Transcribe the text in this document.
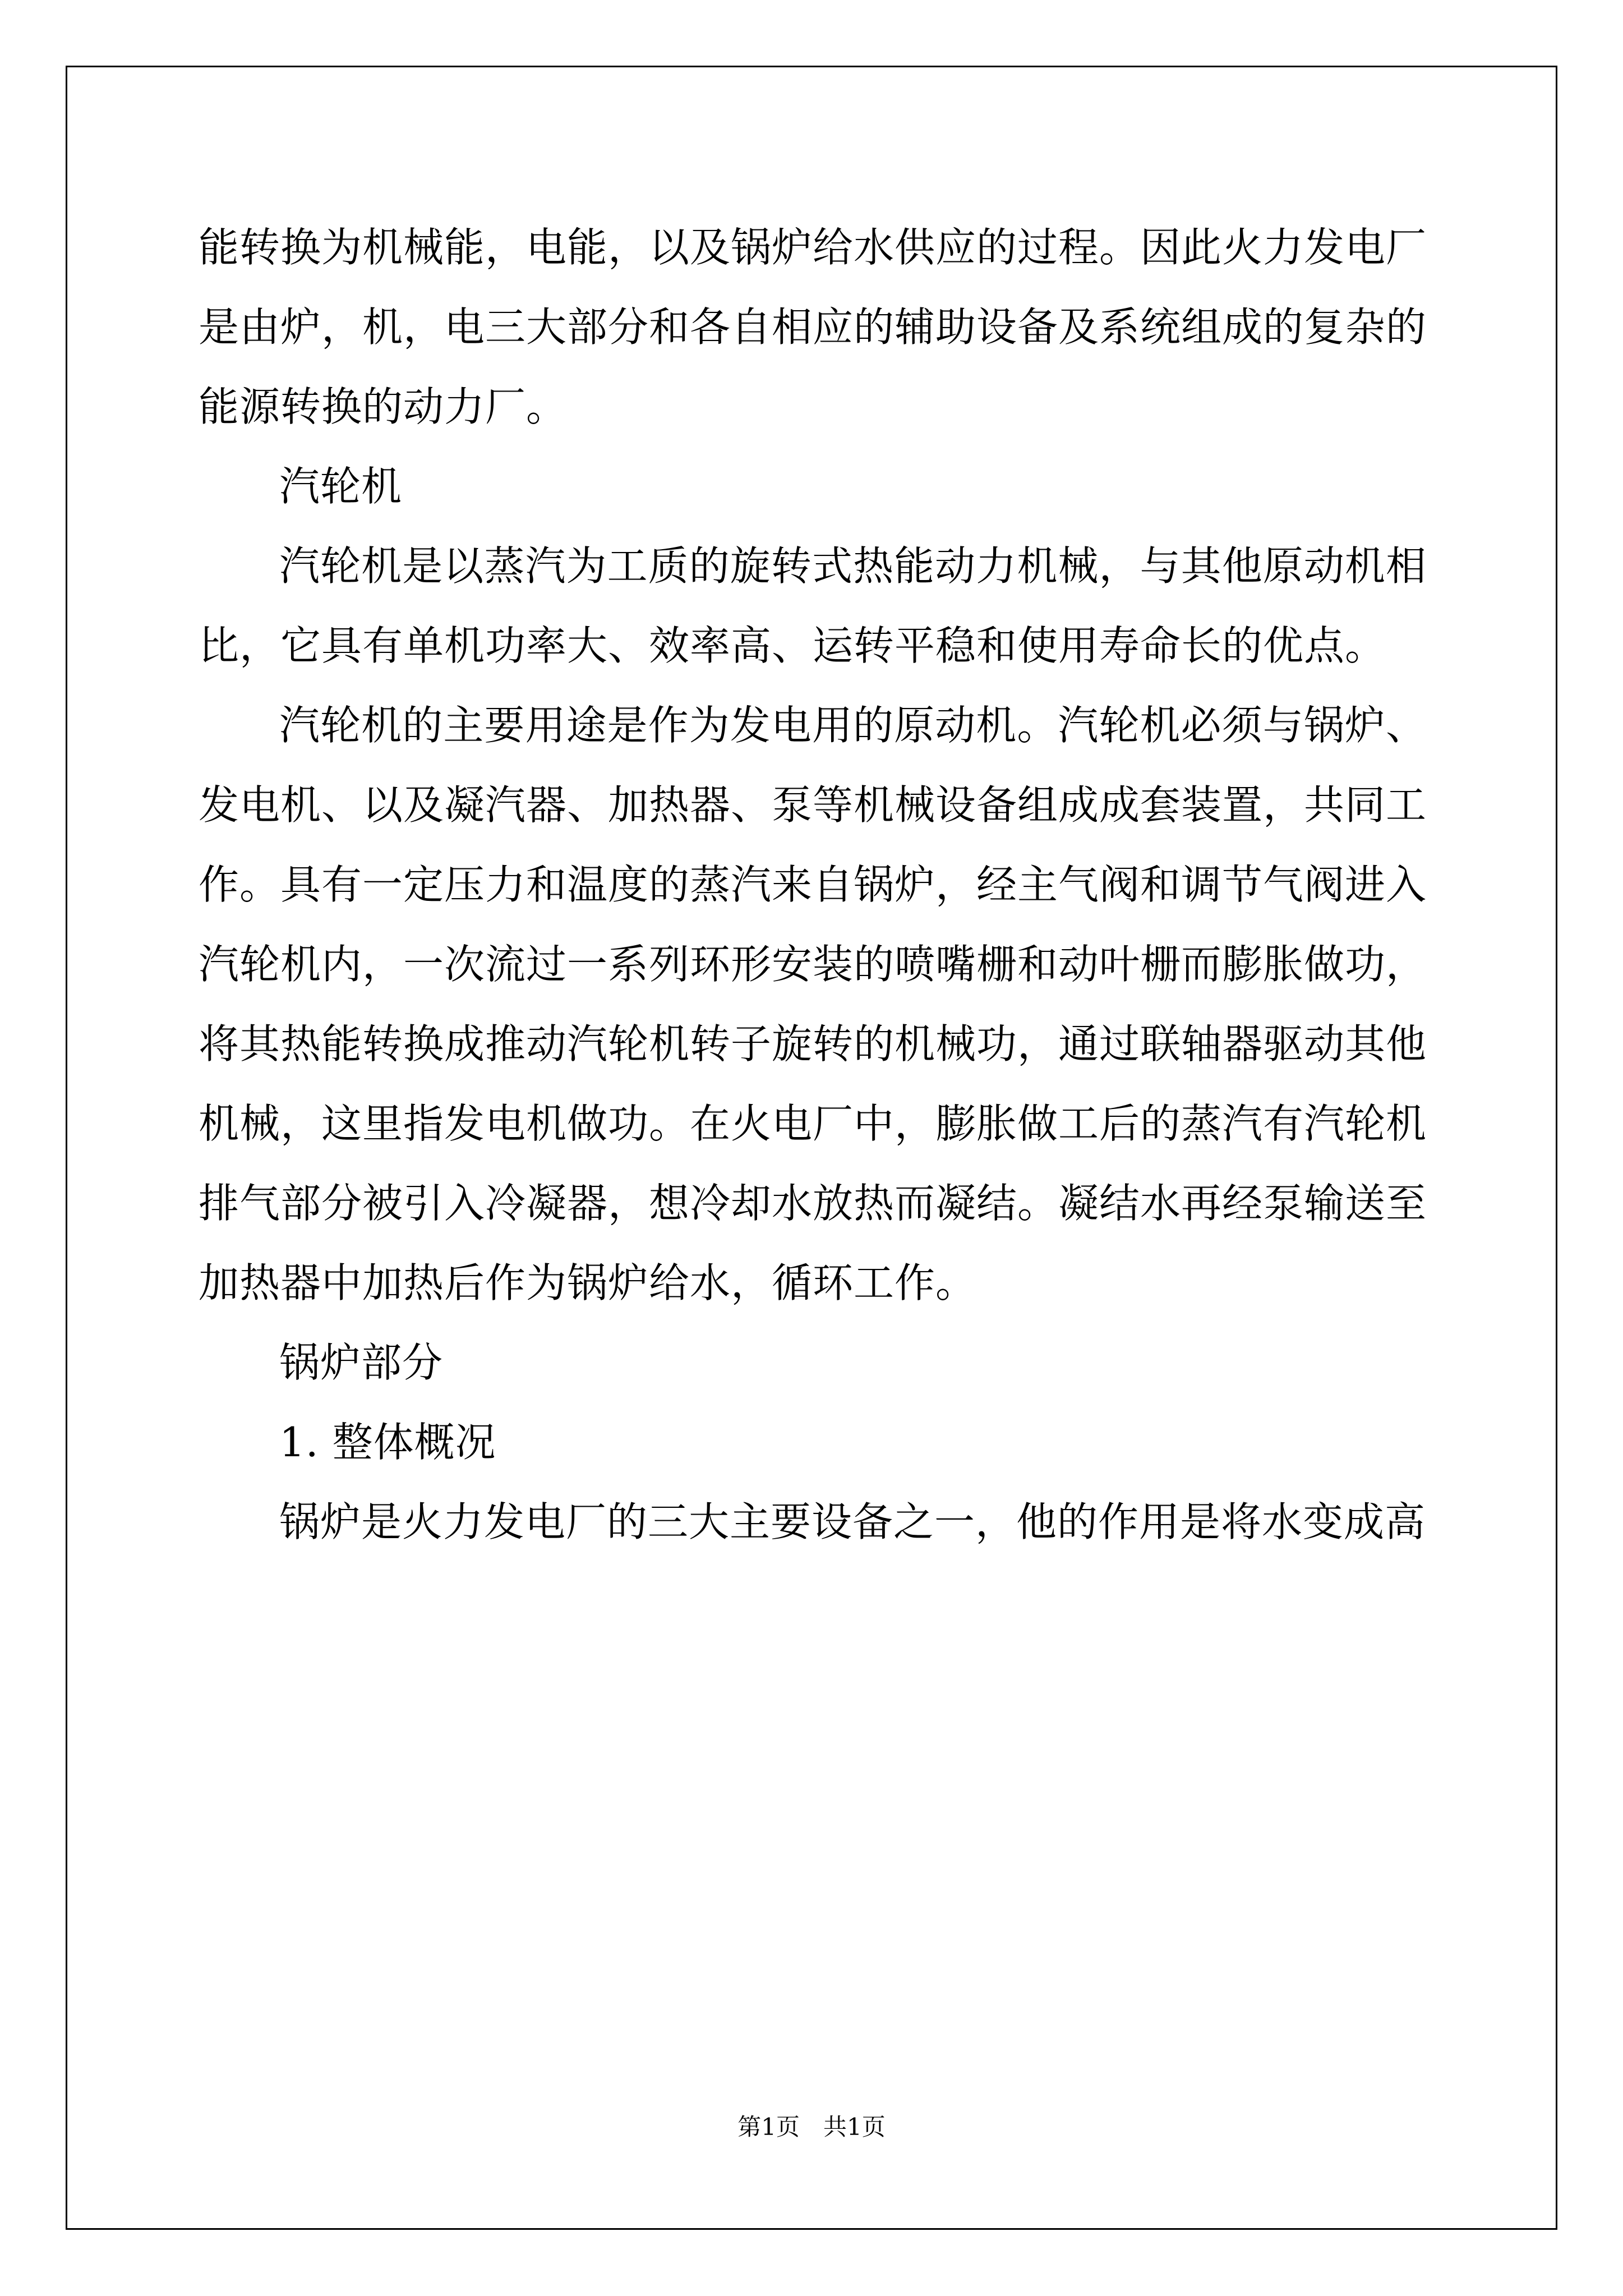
能转换为机械能，电能，以及锅炉给水供应的过程。因此火力发电厂是由炉，机，电三大部分和各自相应的辅助设备及系统组成的复杂的能源转换的动力厂。

汽轮机

汽轮机是以蒸汽为工质的旋转式热能动力机械，与其他原动机相比，它具有单机功率大、效率高、运转平稳和使用寿命长的优点。

汽轮机的主要用途是作为发电用的原动机。汽轮机必须与锅炉、发电机、以及凝汽器、加热器、泵等机械设备组成成套装置，共同工作。具有一定压力和温度的蒸汽来自锅炉，经主气阀和调节气阀进入汽轮机内，一次流过一系列环形安装的喷嘴栅和动叶栅而膨胀做功，将其热能转换成推动汽轮机转子旋转的机械功，通过联轴器驱动其他机械，这里指发电机做功。在火电厂中，膨胀做工后的蒸汽有汽轮机排气部分被引入冷凝器，想冷却水放热而凝结。凝结水再经泵输送至加热器中加热后作为锅炉给水，循环工作。

锅炉部分

1. 整体概况

锅炉是火力发电厂的三大主要设备之一，他的作用是将水变成高

第1页　共1页
